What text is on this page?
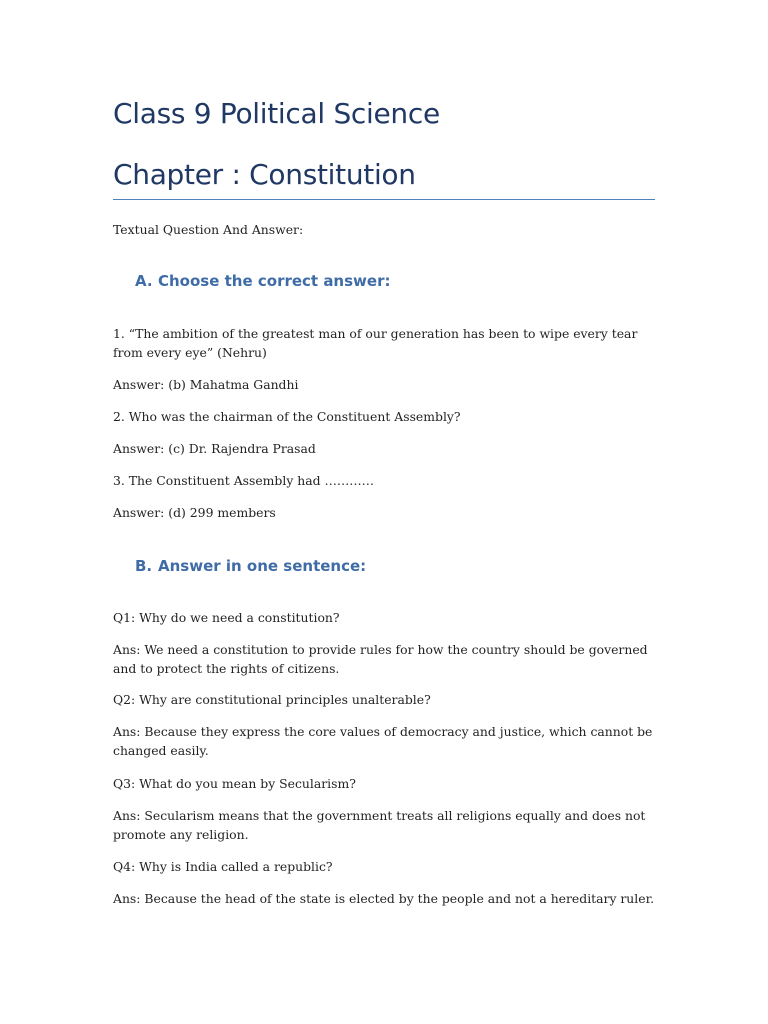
Class 9 Political Science
Chapter : Constitution

Textual Question And Answer:

A. Choose the correct answer:

1. “The ambition of the greatest man of our generation has been to wipe every tear from every eye” (Nehru)

Answer: (b) Mahatma Gandhi

2. Who was the chairman of the Constituent Assembly?

Answer: (c) Dr. Rajendra Prasad

3. The Constituent Assembly had …………

Answer: (d) 299 members

B. Answer in one sentence:

Q1: Why do we need a constitution?

Ans: We need a constitution to provide rules for how the country should be governed and to protect the rights of citizens.

Q2: Why are constitutional principles unalterable?

Ans: Because they express the core values of democracy and justice, which cannot be changed easily.

Q3: What do you mean by Secularism?

Ans: Secularism means that the government treats all religions equally and does not promote any religion.

Q4: Why is India called a republic?

Ans: Because the head of the state is elected by the people and not a hereditary ruler.
